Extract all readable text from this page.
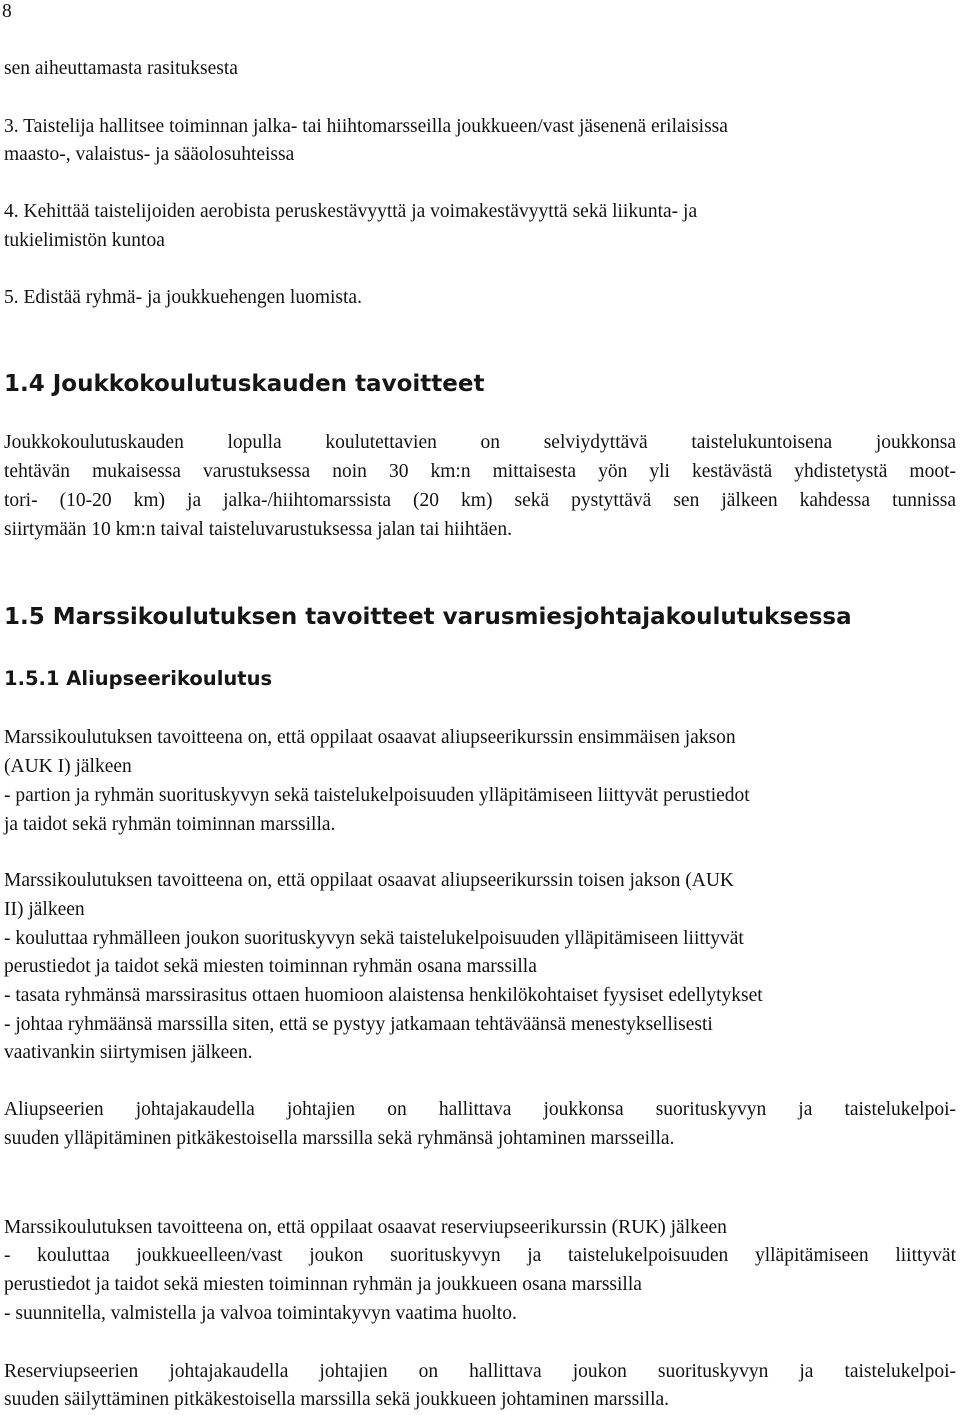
8
sen aiheuttamasta rasituksesta
3. Taistelija hallitsee toiminnan jalka- tai hiihtomarsseilla joukkueen/vast jäsenenä erilaisissa
maasto-, valaistus- ja sääolosuhteissa
4. Kehittää taistelijoiden aerobista peruskestävyyttä ja voimakestävyyttä sekä liikunta- ja
tukielimistön kuntoa
5. Edistää ryhmä- ja joukkuehengen luomista.
1.4 Joukkokoulutuskauden tavoitteet
Joukkokoulutuskauden lopulla koulutettavien on selviydyttävä taistelukuntoisena joukkonsa
tehtävän mukaisessa varustuksessa noin 30 km:n mittaisesta yön yli kestävästä yhdistetystä moot-
tori- (10-20 km) ja jalka-/hiihtomarssista (20 km) sekä pystyttävä sen jälkeen kahdessa tunnissa
siirtymään 10 km:n taival taisteluvarustuksessa jalan tai hiihtäen.
1.5 Marssikoulutuksen tavoitteet varusmiesjohtajakoulutuksessa
1.5.1 Aliupseerikoulutus
Marssikoulutuksen tavoitteena on, että oppilaat osaavat aliupseerikurssin ensimmäisen jakson
(AUK I) jälkeen
- partion ja ryhmän suorituskyvyn sekä taistelukelpoisuuden ylläpitämiseen liittyvät perustiedot
ja taidot sekä ryhmän toiminnan marssilla.
Marssikoulutuksen tavoitteena on, että oppilaat osaavat aliupseerikurssin toisen jakson (AUK
II) jälkeen
- kouluttaa ryhmälleen joukon suorituskyvyn sekä taistelukelpoisuuden ylläpitämiseen liittyvät
perustiedot ja taidot sekä miesten toiminnan ryhmän osana marssilla
- tasata ryhmänsä marssirasitus ottaen huomioon alaistensa henkilökohtaiset fyysiset edellytykset
- johtaa ryhmäänsä marssilla siten, että se pystyy jatkamaan tehtäväänsä menestyksellisesti
vaativankin siirtymisen jälkeen.
Aliupseerien johtajakaudella johtajien on hallittava joukkonsa suorituskyvyn ja taistelukelpoi-
suuden ylläpitäminen pitkäkestoisella marssilla sekä ryhmänsä johtaminen marsseilla.
Marssikoulutuksen tavoitteena on, että oppilaat osaavat reserviupseerikurssin (RUK) jälkeen
- kouluttaa joukkueelleen/vast joukon suorituskyvyn ja taistelukelpoisuuden ylläpitämiseen liittyvät
perustiedot ja taidot sekä miesten toiminnan ryhmän ja joukkueen osana marssilla
- suunnitella, valmistella ja valvoa toimintakyvyn vaatima huolto.
Reserviupseerien johtajakaudella johtajien on hallittava joukon suorituskyvyn ja taistelukelpoi-
suuden säilyttäminen pitkäkestoisella marssilla sekä joukkueen johtaminen marssilla.
